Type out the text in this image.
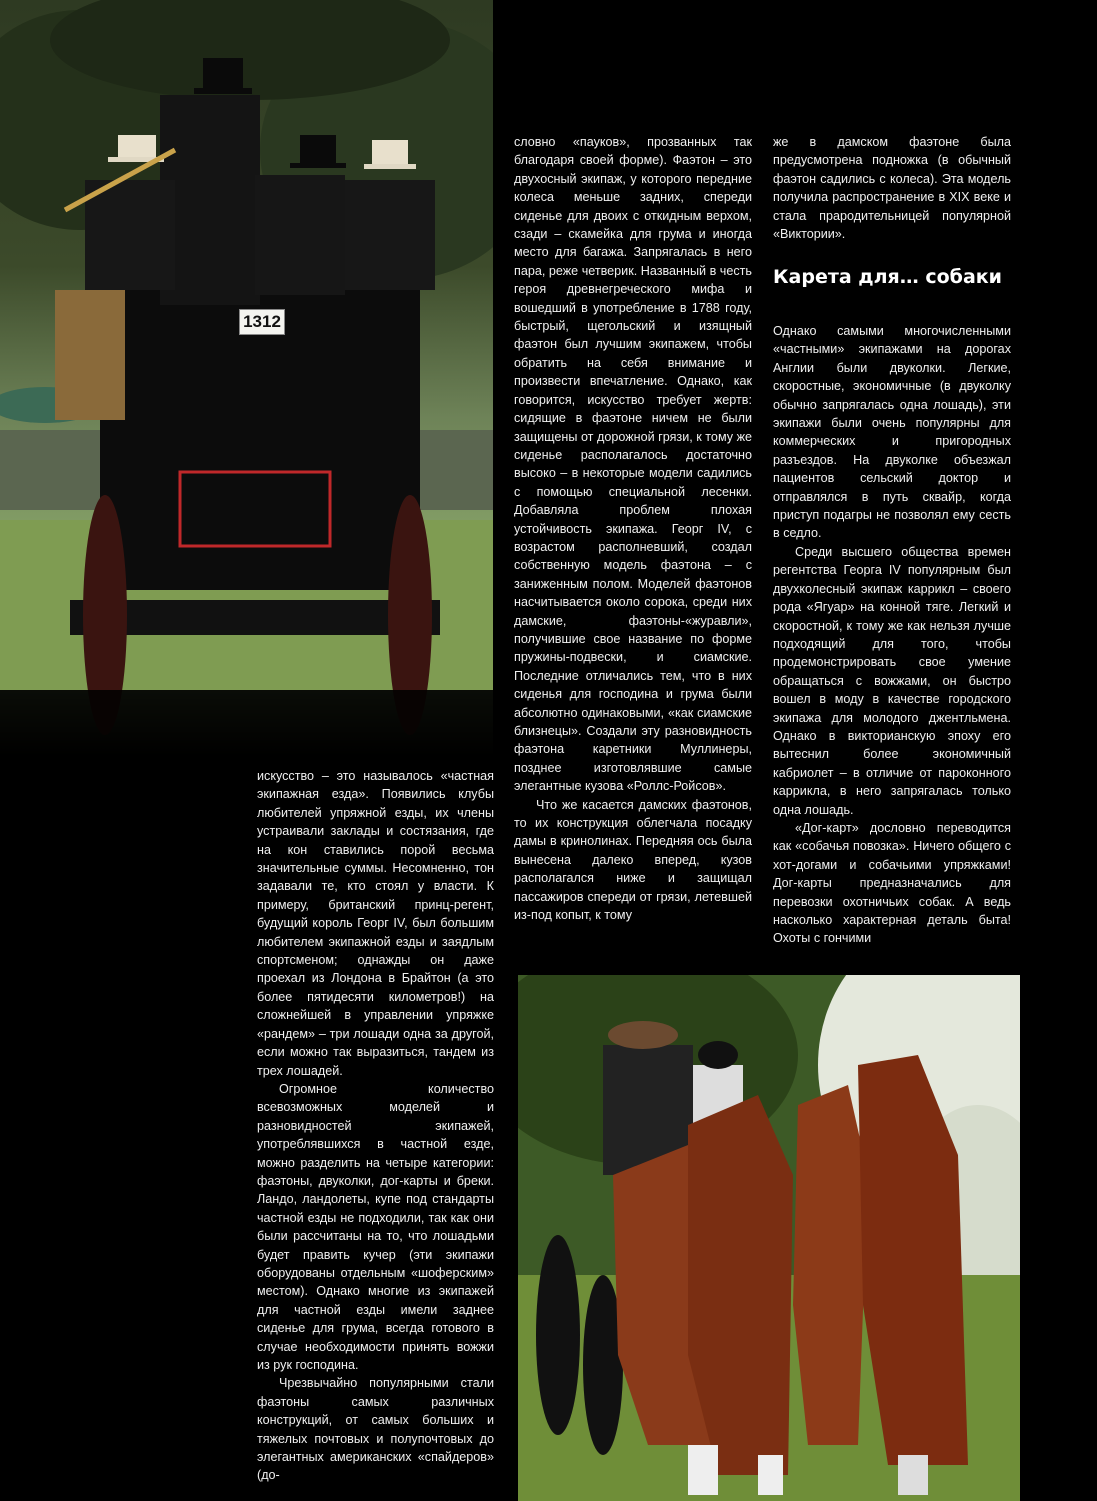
1312

искусство – это называлось «частная экипажная езда». Появились клубы любителей упряжной езды, их члены устраивали заклады и состязания, где на кон ставились порой весьма значительные суммы. Несомненно, тон задавали те, кто стоял у власти. К примеру, британский принц-регент, будущий король Георг IV, был большим любителем экипажной езды и заядлым спортсменом; однажды он даже проехал из Лондона в Брайтон (а это более пятидесяти километров!) на сложнейшей в управлении упряжке «рандем» – три лошади одна за другой, если можно так выразиться, тандем из трех лошадей.

Огромное количество всевозможных моделей и разновидностей экипажей, употреблявшихся в частной езде, можно разделить на четыре категории: фаэтоны, двуколки, дог-карты и бреки. Ландо, ландолеты, купе под стандарты частной езды не подходили, так как они были рассчитаны на то, что лошадьми будет править кучер (эти экипажи оборудованы отдельным «шоферским» местом). Однако многие из экипажей для частной езды имели заднее сиденье для грума, всегда готового в случае необходимости принять вожжи из рук господина.

Чрезвычайно популярными стали фаэтоны самых различных конструкций, от самых больших и тяжелых почтовых и полупочтовых до элегантных американских «спайдеров» (до-

словно «пауков», прозванных так благодаря своей форме). Фаэтон – это двухосный экипаж, у которого передние колеса меньше задних, спереди сиденье для двоих с откидным верхом, сзади – скамейка для грума и иногда место для багажа. Запрягалась в него пара, реже четверик. Названный в честь героя древнегреческого мифа и вошедший в употребление в 1788 году, быстрый, щегольский и изящный фаэтон был лучшим экипажем, чтобы обратить на себя внимание и произвести впечатление. Однако, как говорится, искусство требует жертв: сидящие в фаэтоне ничем не были защищены от дорожной грязи, к тому же сиденье располагалось достаточно высоко – в некоторые модели садились с помощью специальной лесенки. Добавляла проблем плохая устойчивость экипажа. Георг IV, с возрастом располневший, создал собственную модель фаэтона – с заниженным полом. Моделей фаэтонов насчитывается около сорока, среди них дамские, фаэтоны-«журавли», получившие свое название по форме пружины-подвески, и сиамские. Последние отличались тем, что в них сиденья для господина и грума были абсолютно одинаковыми, «как сиамские близнецы». Создали эту разновидность фаэтона каретники Муллинеры, позднее изготовлявшие самые элегантные кузова «Роллс-Ройсов».

Что же касается дамских фаэтонов, то их конструкция облегчала посадку дамы в кринолинах. Передняя ось была вынесена далеко вперед, кузов располагался ниже и защищал пассажиров спереди от грязи, летевшей из-под копыт, к тому

же в дамском фаэтоне была предусмотрена подножка (в обычный фаэтон садились с колеса). Эта модель получила распространение в XIX веке и стала прародительницей популярной «Виктории».

Карета для… собаки

Однако самыми многочисленными «частными» экипажами на дорогах Англии были двуколки. Легкие, скоростные, экономичные (в двуколку обычно запрягалась одна лошадь), эти экипажи были очень популярны для коммерческих и пригородных разъездов. На двуколке объезжал пациентов сельский доктор и отправлялся в путь сквайр, когда приступ подагры не позволял ему сесть в седло.

Среди высшего общества времен регентства Георга IV популярным был двухколесный экипаж каррикл – своего рода «Ягуар» на конной тяге. Легкий и скоростной, к тому же как нельзя лучше подходящий для того, чтобы продемонстрировать свое умение обращаться с вожжами, он быстро вошел в моду в качестве городского экипажа для молодого джентльмена. Однако в викторианскую эпоху его вытеснил более экономичный кабриолет – в отличие от пароконного каррикла, в него запрягалась только одна лошадь.

«Дог-карт» дословно переводится как «собачья повозка». Ничего общего с хот-догами и собачьими упряжками! Дог-карты предназначались для перевозки охотничьих собак. А ведь насколько характерная деталь быта! Охоты с гончими
